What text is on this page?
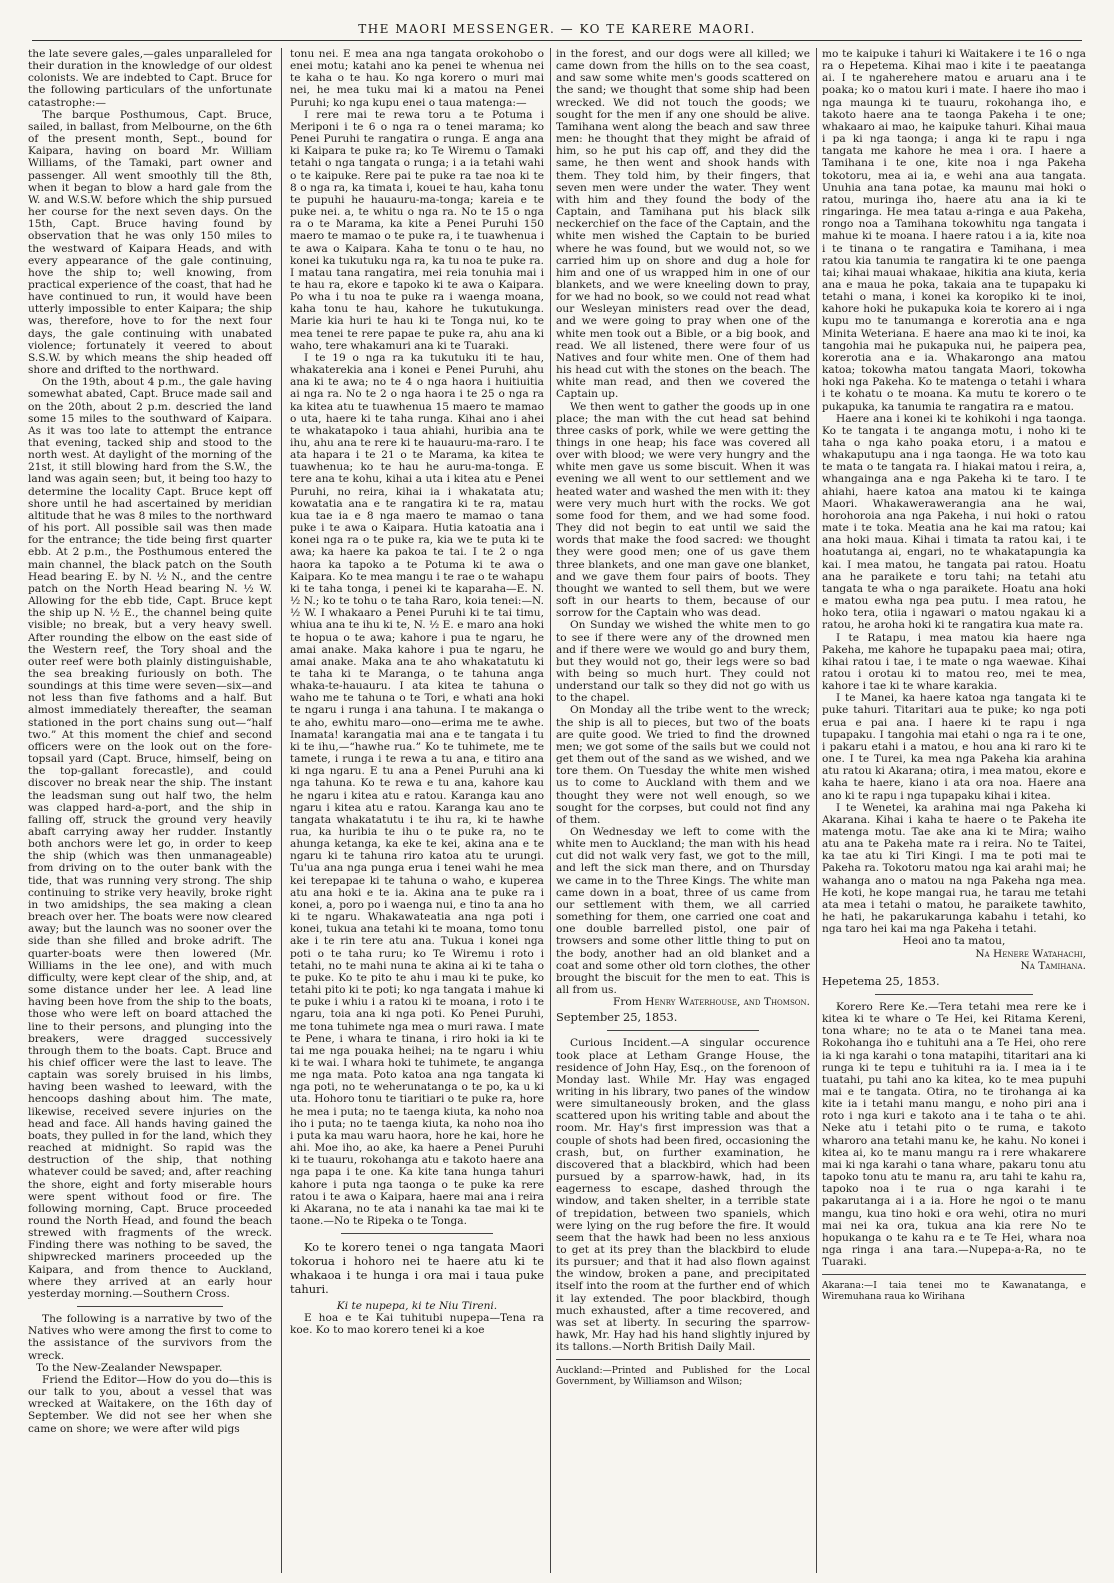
THE MAORI MESSENGER. — KO TE KARERE MAORI.

the late severe gales,—gales unparalleled for their duration in the knowledge of our oldest colonists. We are indebted to Capt. Bruce for the following particulars of the unfortunate catastrophe:—

The barque Posthumous, Capt. Bruce, sailed, in ballast, from Melbourne, on the 6th of the present month, Sept., bound for Kaipara, having on board Mr. William Williams, of the Tamaki, part owner and passenger. All went smoothly till the 8th, when it began to blow a hard gale from the W. and W.S.W. before which the ship pursued her course for the next seven days. On the 15th, Capt. Bruce having found by observation that he was only 150 miles to the westward of Kaipara Heads, and with every appearance of the gale continuing, hove the ship to; well knowing, from practical experience of the coast, that had he have continued to run, it would have been utterly impossible to enter Kaipara; the ship was, therefore, hove to for the next four days, the gale continuing with unabated violence; fortunately it veered to about S.S.W. by which means the ship headed off shore and drifted to the northward.

On the 19th, about 4 p.m., the gale having somewhat abated, Capt. Bruce made sail and on the 20th, about 2 p.m. descried the land some 15 miles to the southward of Kaipara. As it was too late to attempt the entrance that evening, tacked ship and stood to the north west. At daylight of the morning of the 21st, it still blowing hard from the S.W., the land was again seen; but, it being too hazy to determine the locality Capt. Bruce kept off shore until he had ascertained by meridian altitude that he was 8 miles to the northward of his port. All possible sail was then made for the entrance; the tide being first quarter ebb. At 2 p.m., the Posthumous entered the main channel, the black patch on the South Head bearing E. by N. ½ N., and the centre patch on the North Head bearing N. ½ W. Allowing for the ebb tide, Capt. Bruce kept the ship up N. ½ E., the channel being quite visible; no break, but a very heavy swell. After rounding the elbow on the east side of the Western reef, the Tory shoal and the outer reef were both plainly distinguishable, the sea breaking furiously on both. The soundings at this time were seven—six—and not less than five fathoms and a half. But almost immediately thereafter, the seaman stationed in the port chains sung out—“half two.” At this moment the chief and second officers were on the look out on the fore-topsail yard (Capt. Bruce, himself, being on the top-gallant forecastle), and could discover no break near the ship. The instant the leadsman sung out half two, the helm was clapped hard-a-port, and the ship in falling off, struck the ground very heavily abaft carrying away her rudder. Instantly both anchors were let go, in order to keep the ship (which was then unmanageable) from driving on to the outer bank with the tide, that was running very strong. The ship continuing to strike very heavily, broke right in two amidships, the sea making a clean breach over her. The boats were now cleared away; but the launch was no sooner over the side than she filled and broke adrift. The quarter-boats were then lowered (Mr. Williams in the lee one), and with much difficulty, were kept clear of the ship, and, at some distance under her lee. A lead line having been hove from the ship to the boats, those who were left on board attached the line to their persons, and plunging into the breakers, were dragged successively through them to the boats. Capt. Bruce and his chief officer were the last to leave. The captain was sorely bruised in his limbs, having been washed to leeward, with the hencoops dashing about him. The mate, likewise, received severe injuries on the head and face. All hands having gained the boats, they pulled in for the land, which they reached at midnight. So rapid was the destruction of the ship, that nothing whatever could be saved; and, after reaching the shore, eight and forty miserable hours were spent without food or fire. The following morning, Capt. Bruce proceeded round the North Head, and found the beach strewed with fragments of the wreck. Finding there was nothing to be saved, the shipwrecked mariners proceeded up the Kaipara, and from thence to Auckland, where they arrived at an early hour yesterday morning.—Southern Cross.

The following is a narrative by two of the Natives who were among the first to come to the assistance of the survivors from the wreck.

To the New-Zealander Newspaper.

Friend the Editor—How do you do—this is our talk to you, about a vessel that was wrecked at Waitakere, on the 16th day of September. We did not see her when she came on shore; we were after wild pigs

tonu nei. E mea ana nga tangata orokohobo o enei motu; katahi ano ka penei te whenua nei te kaha o te hau. Ko nga korero o muri mai nei, he mea tuku mai ki a matou na Penei Puruhi; ko nga kupu enei o taua matenga:—

I rere mai te rewa toru a te Potuma i Meriponi i te 6 o nga ra o tenei marama; ko Penei Puruhi te rangatira o runga. E anga ana ki Kaipara te puke ra; ko Te Wiremu o Tamaki tetahi o nga tangata o runga; i a ia tetahi wahi o te kaipuke. Rere pai te puke ra tae noa ki te 8 o nga ra, ka timata i, kouei te hau, kaha tonu te pupuhi he hauauru-ma-tonga; kareia e te puke nei. a, te whitu o nga ra. No te 15 o nga ra o te Marama, ka kite a Penei Puruhi 150 maero te mamao o te puke ra, i te tuawhenua i te awa o Kaipara. Kaha te tonu o te hau, no konei ka tukutuku nga ra, ka tu noa te puke ra. I matau tana rangatira, mei reia tonuhia mai i te hau ra, ekore e tapoko ki te awa o Kaipara. Po wha i tu noa te puke ra i waenga moana, kaha tonu te hau, kahore he tukutukunga. Marie kia huri te hau ki te Tonga nui, ko te mea tenei te rere papae te puke ra, ahu ana ki waho, tere whakamuri ana ki te Tuaraki.

I te 19 o nga ra ka tukutuku iti te hau, whakaterekia ana i konei e Penei Puruhi, ahu ana ki te awa; no te 4 o nga haora i huitiuitia ai nga ra. No te 2 o nga haora i te 25 o nga ra ka kitea atu te tuawhenua 15 maero te mamao o uta, haere ki te taha runga. Kihai ano i ahei te whakatapoko i taua ahiahi, huribia ana te ihu, ahu ana te rere ki te hauauru-ma-raro. I te ata hapara i te 21 o te Marama, ka kitea te tuawhenua; ko te hau he auru-ma-tonga. E tere ana te kohu, kihai a uta i kitea atu e Penei Puruhi, no reira, kihai ia i whakatata atu; kowatatia ana e te rangatira ki te ra, matau kua tae ia e 8 nga maero te mamao o tana puke i te awa o Kaipara. Hutia katoatia ana i konei nga ra o te puke ra, kia we te puta ki te awa; ka haere ka pakoa te tai. I te 2 o nga haora ka tapoko a te Potuma ki te awa o Kaipara. Ko te mea mangu i te rae o te wahapu ki te taha tonga, i penei ki te kaparaha—E. N. ½ N.; ko te tohu o te taha Raro, koia tenei:—N. ½ W. I whakaaro a Penei Puruhi ki te tai timu, whiua ana te ihu ki te, N. ½ E. e maro ana hoki te hopua o te awa; kahore i pua te ngaru, he amai anake. Maka kahore i pua te ngaru, he amai anake. Maka ana te aho whakatatutu ki te taha ki te Maranga, o te tahuna anga whaka-te-hauauru. I ata kitea te tahuna o waho me te tahuna o te Tori, e whati ana hoki te ngaru i runga i ana tahuna. I te makanga o te aho, ewhitu maro—ono—erima me te awhe. Inamata! karangatia mai ana e te tangata i tu ki te ihu,—“hawhe rua.” Ko te tuhimete, me te tamete, i runga i te rewa a tu ana, e titiro ana ki nga ngaru. E tu ana a Penei Puruhi ana ki nga tahuna. Ko te rewa e tu ana, kahore kau he ngaru i kitea atu e ratou. Karanga kau ano ngaru i kitea atu e ratou. Karanga kau ano te tangata whakatatutu i te ihu ra, ki te hawhe rua, ka huribia te ihu o te puke ra, no te ahunga ketanga, ka eke te kei, akina ana e te ngaru ki te tahuna riro katoa atu te urungi. Tu'ua ana nga punga erua i tenei wahi he mea kei terepapae ki te tahuna o waho, e kuperea atu ana hoki e te ia. Akina ana te puke ra i konei, a, poro po i waenga nui, e tino ta ana ho ki te ngaru. Whakawateatia ana nga poti i konei, tukua ana tetahi ki te moana, tomo tonu ake i te rin tere atu ana. Tukua i konei nga poti o te taha ruru; ko Te Wiremu i roto i tetahi, no te mahi nuna te akina ai ki te taha o te puke. Ko te pito te ahu i mau ki te puke, ko tetahi pito ki te poti; ko nga tangata i mahue ki te puke i whiu i a ratou ki te moana, i roto i te ngaru, toia ana ki nga poti. Ko Penei Puruhi, me tona tuhimete nga mea o muri rawa. I mate te Pene, i whara te tinana, i riro hoki ia ki te tai me nga pouaka heihei; na te ngaru i whiu ki te wai. I whara hoki te tuhimete, te anganga me nga mata. Poto katoa ana nga tangata ki nga poti, no te weherunatanga o te po, ka u ki uta. Hohoro tonu te tiaritiari o te puke ra, hore he mea i puta; no te taenga kiuta, ka noho noa iho i puta; no te taenga kiuta, ka noho noa iho i puta ka mau waru haora, hore he kai, hore he ahi. Moe iho, ao ake, ka haere a Penei Puruhi ki te tuauru, rokohanga atu e takoto haere ana nga papa i te one. Ka kite tana hunga tahuri kahore i puta nga taonga o te puke ka rere ratou i te awa o Kaipara, haere mai ana i reira ki Akarana, no te ata i nanahi ka tae mai ki te taone.—No te Ripeka o te Tonga.

Ko te korero tenei o nga tangata Maori tokorua i hohoro nei te haere atu ki te whakaoa i te hunga i ora mai i taua puke tahuri.

Ki te nupepa, ki te Niu Tireni.

E hoa e te Kai tuhitubi nupepa—Tena ra koe. Ko to mao korero tenei ki a koe

in the forest, and our dogs were all killed; we came down from the hills on to the sea coast, and saw some white men's goods scattered on the sand; we thought that some ship had been wrecked. We did not touch the goods; we sought for the men if any one should be alive. Tamihana went along the beach and saw three men: he thought that they might be afraid of him, so he put his cap off, and they did the same, he then went and shook hands with them. They told him, by their fingers, that seven men were under the water. They went with him and they found the body of the Captain, and Tamihana put his black silk neckerchief on the face of the Captain, and the white men wished the Captain to be buried where he was found, but we would not, so we carried him up on shore and dug a hole for him and one of us wrapped him in one of our blankets, and we were kneeling down to pray, for we had no book, so we could not read what our Wesleyan ministers read over the dead, and we were going to pray when one of the white men took out a Bible, or a big book, and read. We all listened, there were four of us Natives and four white men. One of them had his head cut with the stones on the beach. The white man read, and then we covered the Captain up.

We then went to gather the goods up in one place; the man with the cut head sat behind three casks of pork, while we were getting the things in one heap; his face was covered all over with blood; we were very hungry and the white men gave us some biscuit. When it was evening we all went to our settlement and we heated water and washed the men with it: they were very much hurt with the rocks. We got some food for them, and we had some food. They did not begin to eat until we said the words that make the food sacred: we thought they were good men; one of us gave them three blankets, and one man gave one blanket, and we gave them four pairs of boots. They thought we wanted to sell them, but we were soft in our hearts to them, because of our sorrow for the Captain who was dead.

On Sunday we wished the white men to go to see if there were any of the drowned men and if there were we would go and bury them, but they would not go, their legs were so bad with being so much hurt. They could not understand our talk so they did not go with us to the chapel.

On Monday all the tribe went to the wreck; the ship is all to pieces, but two of the boats are quite good. We tried to find the drowned men; we got some of the sails but we could not get them out of the sand as we wished, and we tore them. On Tuesday the white men wished us to come to Auckland with them and we thought they were not well enough, so we sought for the corpses, but could not find any of them.

On Wednesday we left to come with the white men to Auckland; the man with his head cut did not walk very fast, we got to the mill, and left the sick man there, and on Thursday we came in to the Three Kings. The white man came down in a boat, three of us came from our settlement with them, we all carried something for them, one carried one coat and one double barrelled pistol, one pair of trowsers and some other little thing to put on the body, another had an old blanket and a coat and some other old torn clothes, the other brought the biscuit for the men to eat. This is all from us.

From Henry Waterhouse, and Thomson.

September 25, 1853.

Curious Incident.—A singular occurence took place at Letham Grange House, the residence of John Hay, Esq., on the forenoon of Monday last. While Mr. Hay was engaged writing in his library, two panes of the window were simultaneously broken, and the glass scattered upon his writing table and about the room. Mr. Hay's first impression was that a couple of shots had been fired, occasioning the crash, but, on further examination, he discovered that a blackbird, which had been pursued by a sparrow-hawk, had, in its eagerness to escape, dashed through the window, and taken shelter, in a terrible state of trepidation, between two spaniels, which were lying on the rug before the fire. It would seem that the hawk had been no less anxious to get at its prey than the blackbird to elude its pursuer; and that it had also flown against the window, broken a pane, and precipitated itself into the room at the further end of which it lay extended. The poor blackbird, though much exhausted, after a time recovered, and was set at liberty. In securing the sparrow-hawk, Mr. Hay had his hand slightly injured by its tallons.—North British Daily Mail.

Auckland:—Printed and Published for the Local Government, by Williamson and Wilson;

mo te kaipuke i tahuri ki Waitakere i te 16 o nga ra o Hepetema. Kihai mao i kite i te paeatanga ai. I te ngaherehere matou e aruaru ana i te poaka; ko o matou kuri i mate. I haere iho mao i nga maunga ki te tuauru, rokohanga iho, e takoto haere ana te taonga Pakeha i te one; whakaaro ai mao, he kaipuke tahuri. Kihai maua i pa ki nga taonga; i anga ki te rapu i nga tangata me kahore he mea i ora. I haere a Tamihana i te one, kite noa i nga Pakeha tokotoru, mea ai ia, e wehi ana aua tangata. Unuhia ana tana potae, ka maunu mai hoki o ratou, muringa iho, haere atu ana ia ki te ringaringa. He mea tatau a-ringa e aua Pakeha, rongo noa a Tamihana tokowhitu nga tangata i mahue ki te moana. I haere ratou i a ia, kite noa i te tinana o te rangatira e Tamihana, i mea ratou kia tanumia te rangatira ki te one paenga tai; kihai mauai whakaae, hikitia ana kiuta, keria ana e maua he poka, takaia ana te tupapaku ki tetahi o mana, i konei ka koropiko ki te inoi, kahore hoki he pukapuka koia te korero ai i nga kupu mo te tanumanga e korerotia ana e nga Minita Weteriana. E haere ana mao ki te inoi, ka tangohia mai he pukapuka nui, he paipera pea, korerotia ana e ia. Whakarongo ana matou katoa; tokowha matou tangata Maori, tokowha hoki nga Pakeha. Ko te matenga o tetahi i whara i te kohatu o te moana. Ka mutu te korero o te pukapuka, ka tanumia te rangatira ra e matou.

Haere ana i konei ki te kohikohi i nga taonga. Ko te tangata i te anganga motu, i noho ki te taha o nga kaho poaka etoru, i a matou e whakaputupu ana i nga taonga. He wa toto kau te mata o te tangata ra. I hiakai matou i reira, a, whangainga ana e nga Pakeha ki te taro. I te ahiahi, haere katoa ana matou ki te kainga Maori. Whakawerawerangia ana he wai, horohoroia ana nga Pakeha, i nui hoki o ratou mate i te toka. Meatia ana he kai ma ratou; kai ana hoki maua. Kihai i timata ta ratou kai, i te hoatutanga ai, engari, no te whakatapungia ka kai. I mea matou, he tangata pai ratou. Hoatu ana he paraikete e toru tahi; na tetahi atu tangata te wha o nga paraikete. Hoatu ana hoki e matou ewha nga pea putu. I mea ratou, he hoko tera, otiia i ngawari o matou ngakau ki a ratou, he aroha hoki ki te rangatira kua mate ra.

I te Ratapu, i mea matou kia haere nga Pakeha, me kahore he tupapaku paea mai; otira, kihai ratou i tae, i te mate o nga waewae. Kihai ratou i orotau ki to matou reo, mei te mea, kahore i tae ki te whare karakia.

I te Manei, ka haere katoa nga tangata ki te puke tahuri. Titaritari aua te puke; ko nga poti erua e pai ana. I haere ki te rapu i nga tupapaku. I tangohia mai etahi o nga ra i te one, i pakaru etahi i a matou, e hou ana ki raro ki te one. I te Turei, ka mea nga Pakeha kia arahina atu ratou ki Akarana; otira, i mea matou, ekore e kaha te haere, kiano i ata ora noa. Haere ana ano ki te rapu i nga tupapaku kihai i kitea.

I te Wenetei, ka arahina mai nga Pakeha ki Akarana. Kihai i kaha te haere o te Pakeha ite matenga motu. Tae ake ana ki te Mira; waiho atu ana te Pakeha mate ra i reira. No te Taitei, ka tae atu ki Tiri Kingi. I ma te poti mai te Pakeha ra. Tokotoru matou nga kai arahi mai; he wahanga ano o matou na nga Pakeha nga mea. He koti, he kope mangai rua, he tarau me tetahi ata mea i tetahi o matou, he paraikete tawhito, he hati, he pakarukarunga kabahu i tetahi, ko nga taro hei kai ma nga Pakeha i tetahi.

Heoi ano ta matou,

Na Henere Watahachi,

Na Tamihana.

Hepetema 25, 1853.

Korero Rere Ke.—Tera tetahi mea rere ke i kitea ki te whare o Te Hei, kei Ritama Kereni, tona whare; no te ata o te Manei tana mea. Rokohanga iho e tuhituhi ana a Te Hei, oho rere ia ki nga karahi o tona matapihi, titaritari ana ki runga ki te tepu e tuhituhi ra ia. I mea ia i te tuatahi, pu tahi ano ka kitea, ko te mea pupuhi mai e te tangata. Otira, no te tirohanga ai ka kite ia i tetahi manu mangu, e noho piri ana i roto i nga kuri e takoto ana i te taha o te ahi. Neke atu i tetahi pito o te ruma, e takoto wharoro ana tetahi manu ke, he kahu. No konei i kitea ai, ko te manu mangu ra i rere whakarere mai ki nga karahi o tana whare, pakaru tonu atu tapoko tonu atu te manu ra, aru tahi te kahu ra, tapoko noa i te rua o nga karahi i te pakarutanga ai i a ia. Hore he ngoi o te manu mangu, kua tino hoki e ora wehi, otira no muri mai nei ka ora, tukua ana kia rere No te hopukanga o te kahu ra e te Te Hei, whara noa nga ringa i ana tara.—Nupepa-a-Ra, no te Tuaraki.

Akarana:—I taia tenei mo te Kawanatanga, e Wiremuhana raua ko Wirihana
